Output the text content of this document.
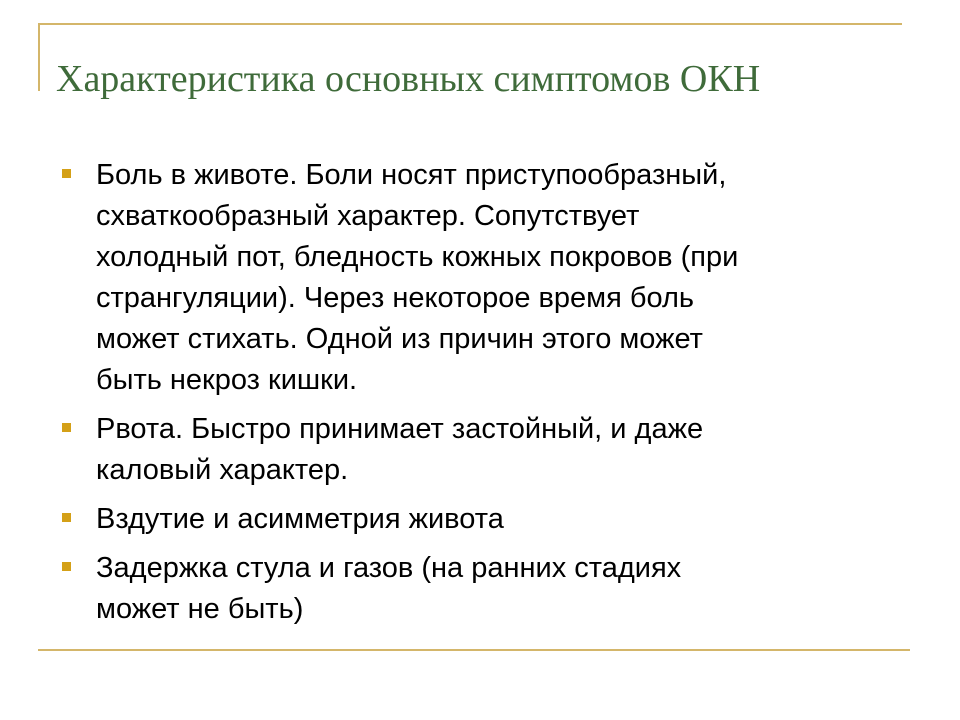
Характеристика основных симптомов ОКН
Боль в животе. Боли носят приступообразный,
схваткообразный характер. Сопутствует
холодный пот, бледность кожных покровов (при
странгуляции). Через некоторое время боль
может стихать. Одной из причин этого может
быть некроз кишки.
Рвота. Быстро принимает застойный, и даже
каловый характер.
Вздутие и асимметрия живота
Задержка стула и газов (на ранних стадиях
может не быть)
